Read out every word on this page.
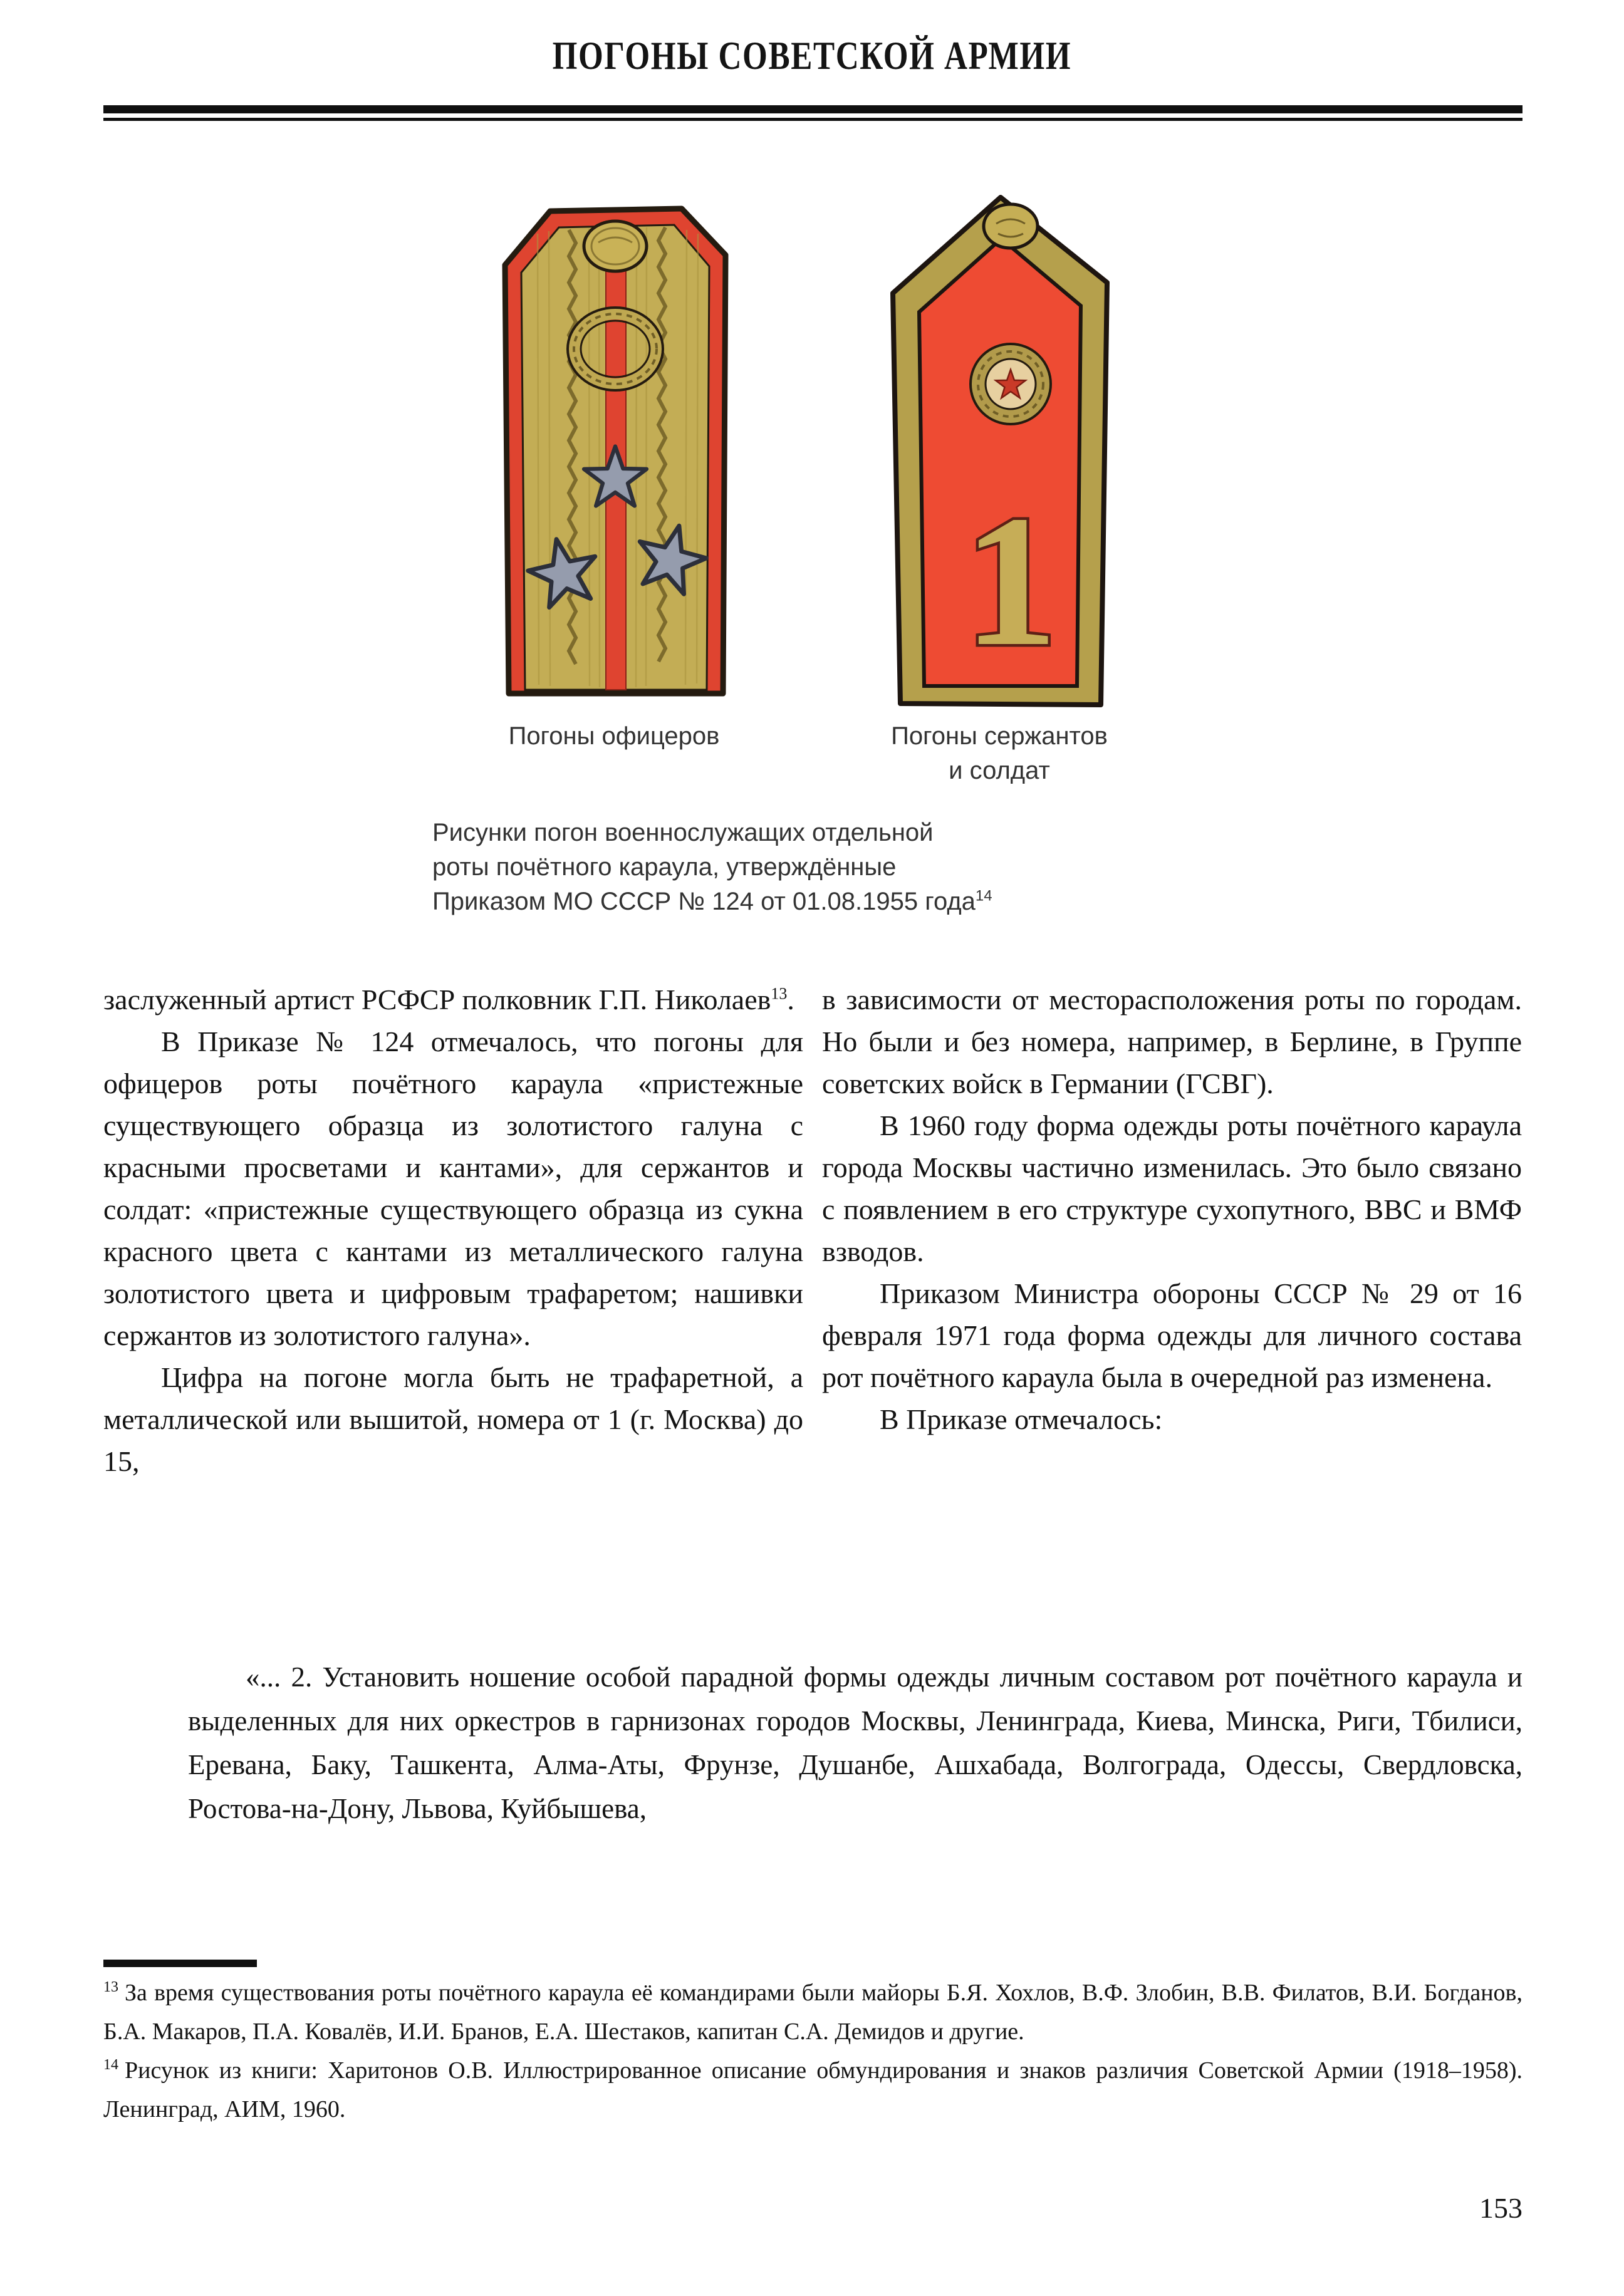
ПОГОНЫ СОВЕТСКОЙ АРМИИ
1
Погоны офицеров	Погоны сержантов
и солдат
Рисунки погон военнослужащих отдельной
роты почётного караула, утверждённые
Приказом МО СССР № 124 от 01.08.1955 года$^{14}$

заслуженный артист РСФСР полковник Г.П. Николаев$^{13}$.

В Приказе № 124 отмечалось, что погоны для офицеров роты почётного караула «пристежные существующего образца из золотистого галуна с красными просветами и кантами», для сержантов и солдат: «пристежные существующего образца из сукна красного цвета с кантами из металлического галуна золотистого цвета и цифровым трафаретом; нашивки сержантов из золотистого галуна».

Цифра на погоне могла быть не трафаретной, а металлической или вышитой, номера от 1 (г. Москва) до 15,

в зависимости от месторасположения роты по городам. Но были и без номера, например, в Берлине, в Группе советских войск в Германии (ГСВГ).

В 1960 году форма одежды роты почётного караула города Москвы частично изменилась. Это было связано с появлением в его структуре сухопутного, ВВС и ВМФ взводов.

Приказом Министра обороны СССР № 29 от 16 февраля 1971 года форма одежды для личного состава рот почётного караула была в очередной раз изменена.

В Приказе отмечалось:

«... 2. Установить ношение особой парадной формы одежды личным составом рот почётного караула и выделенных для них оркестров в гарнизонах городов Москвы, Ленинграда, Киева, Минска, Риги, Тбилиси, Еревана, Баку, Ташкента, Алма-Аты, Фрунзе, Душанбе, Ашхабада, Волгограда, Одессы, Свердловска, Ростова-на-Дону, Львова, Куйбышева,

$^{13}$ За время существования роты почётного караула её командирами были майоры Б.Я. Хохлов, В.Ф. Злобин, В.В. Филатов, В.И. Богданов, Б.А. Макаров, П.А. Ковалёв, И.И. Бранов, Е.А. Шестаков, капитан С.А. Демидов и другие.

$^{14}$ Рисунок из книги: Харитонов О.В. Иллюстрированное описание обмундирования и знаков различия Советской Армии (1918–1958). Ленинград, АИМ, 1960.

153
